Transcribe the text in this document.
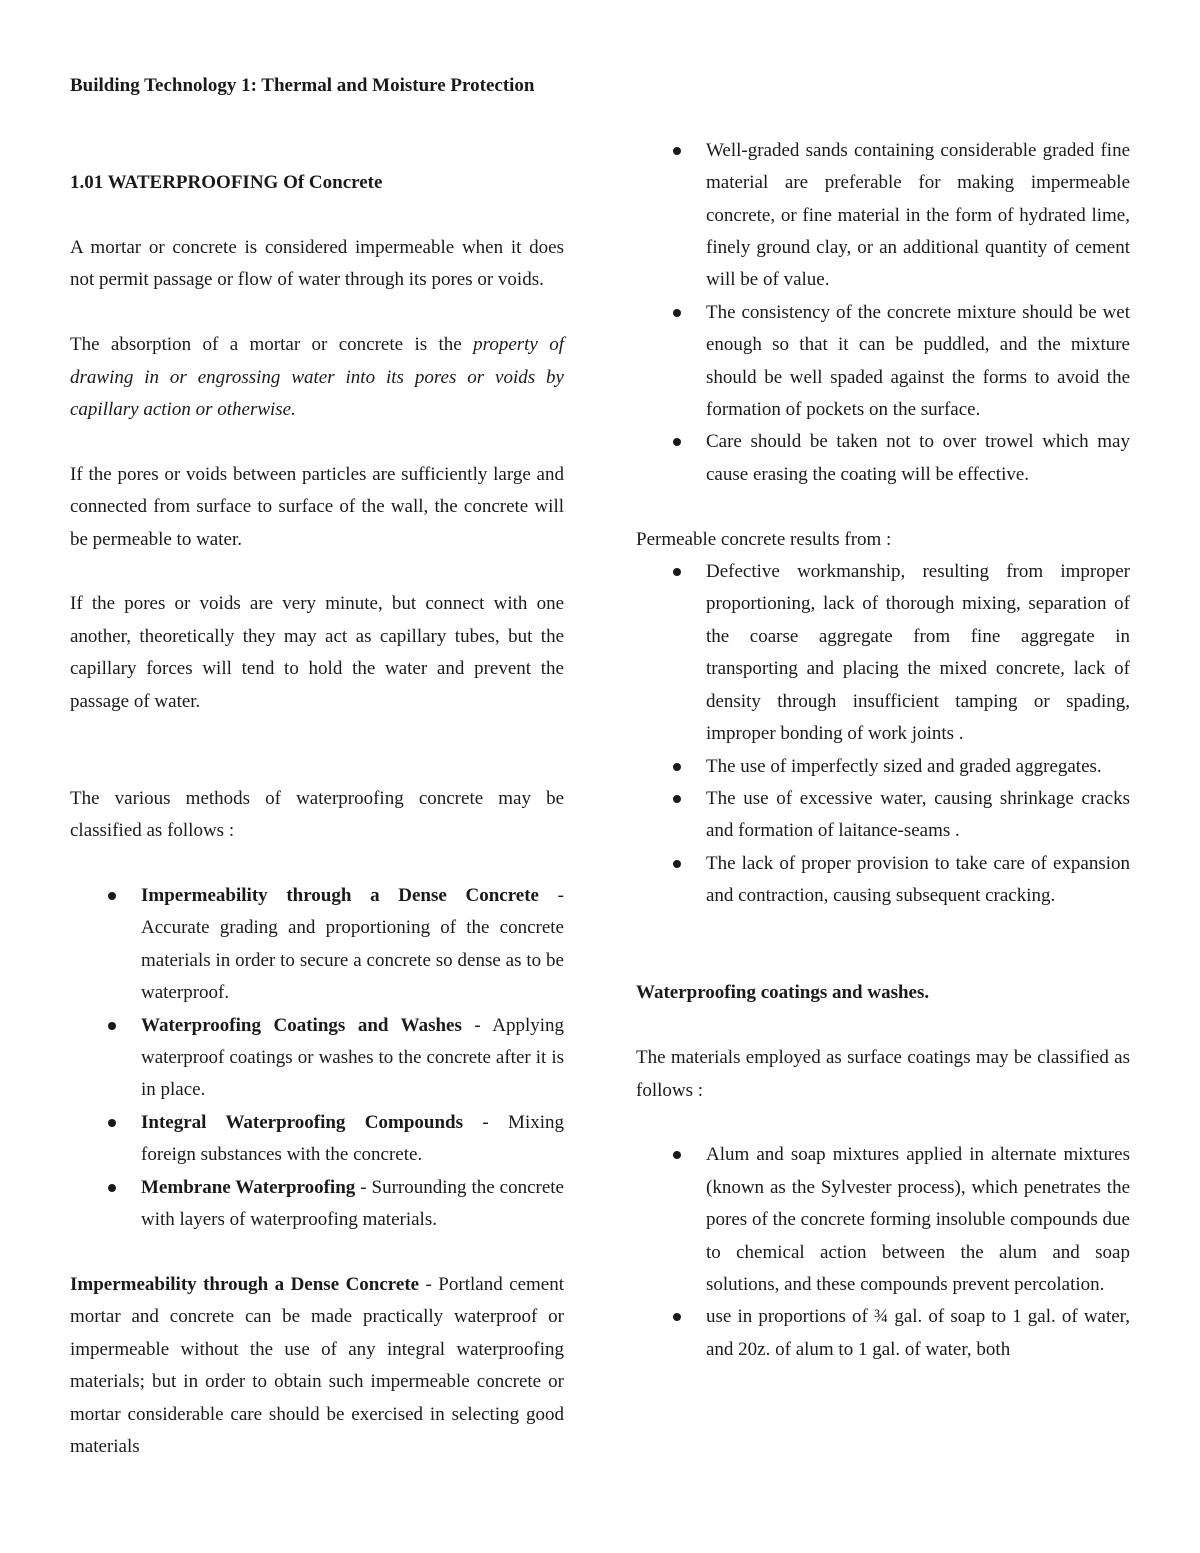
Building Technology 1: Thermal and Moisture Protection

1.01 WATERPROOFING Of Concrete

A mortar or concrete is considered impermeable when it does not permit passage or flow of water through its pores or voids.

The absorption of a mortar or concrete is the property of drawing in or engrossing water into its pores or voids by capillary action or otherwise.

If the pores or voids between particles are sufficiently large and connected from surface to surface of the wall, the concrete will be permeable to water.

If the pores or voids are very minute, but connect with one another, theoretically they may act as capillary tubes, but the capillary forces will tend to hold the water and prevent the passage of water.

The various methods of waterproofing concrete may be classified as follows :

Impermeability through a Dense Concrete - Accurate grading and proportioning of the concrete materials in order to secure a concrete so dense as to be waterproof.
Waterproofing Coatings and Washes - Applying waterproof coatings or washes to the concrete after it is in place.
Integral Waterproofing Compounds - Mixing foreign substances with the concrete.
Membrane Waterproofing - Surrounding the concrete with layers of waterproofing materials.

Impermeability through a Dense Concrete - Portland cement mortar and concrete can be made practically waterproof or impermeable without the use of any integral waterproofing materials; but in order to obtain such impermeable concrete or mortar considerable care should be exercised in selecting good materials

Well-graded sands containing considerable graded fine material are preferable for making impermeable concrete, or fine material in the form of hydrated lime, finely ground clay, or an additional quantity of cement will be of value.
The consistency of the concrete mixture should be wet enough so that it can be puddled, and the mixture should be well spaded against the forms to avoid the formation of pockets on the surface.
Care should be taken not to over trowel which may cause erasing the coating will be effective.

Permeable concrete results from :

Defective workmanship, resulting from improper proportioning, lack of thorough mixing, separation of the coarse aggregate from fine aggregate in transporting and placing the mixed concrete, lack of density through insufficient tamping or spading, improper bonding of work joints .
The use of imperfectly sized and graded aggregates.
The use of excessive water, causing shrinkage cracks and formation of laitance-seams .
The lack of proper provision to take care of expansion and contraction, causing subsequent cracking.

Waterproofing coatings and washes.

The materials employed as surface coatings may be classified as follows :

Alum and soap mixtures applied in alternate mixtures (known as the Sylvester process), which penetrates the pores of the concrete forming insoluble compounds due to chemical action between the alum and soap solutions, and these compounds prevent percolation.
use in proportions of ¾ gal. of soap to 1 gal. of water, and 20z. of alum to 1 gal. of water, both
